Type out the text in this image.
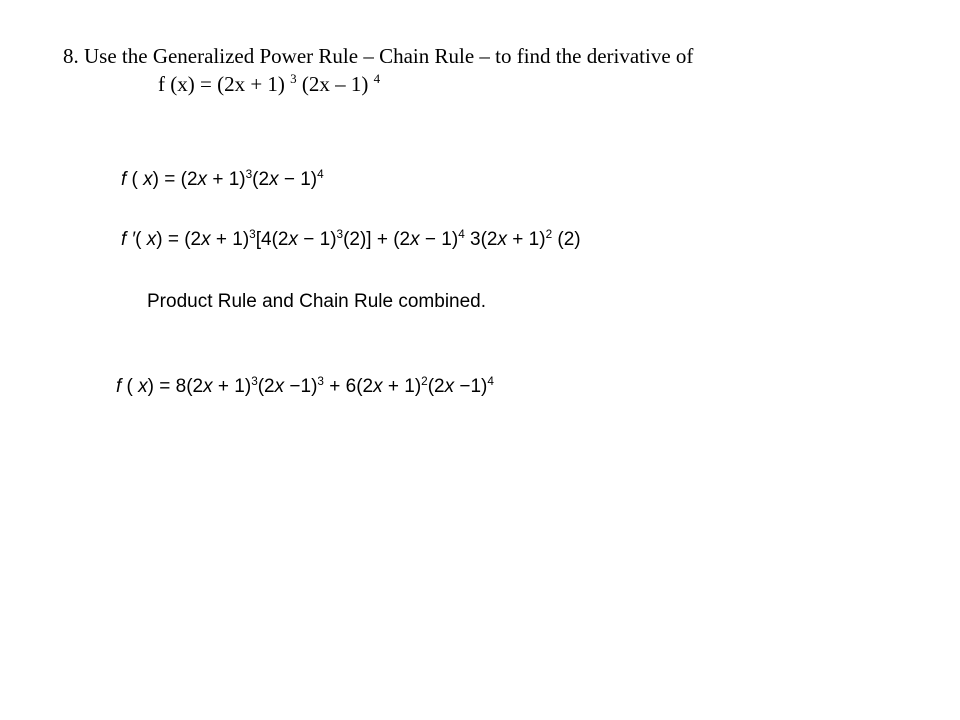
8. Use the Generalized Power Rule – Chain Rule – to find the derivative of
f (x) = (2x + 1) $^3$ (2x – 1) $^4$
f ( $x) = (2x + 1)^3(2x - 1)^4$
f ′( $x) = (2x + 1)^3[4(2x - 1)^3(2)] + (2x - 1)^4$ $3(2x + 1)^2$ (2)
Product Rule and Chain Rule combined.
f ( $x) = 8(2x + 1)^3(2x -1)^3 + 6(2x + 1)^2(2x -1)^4$
